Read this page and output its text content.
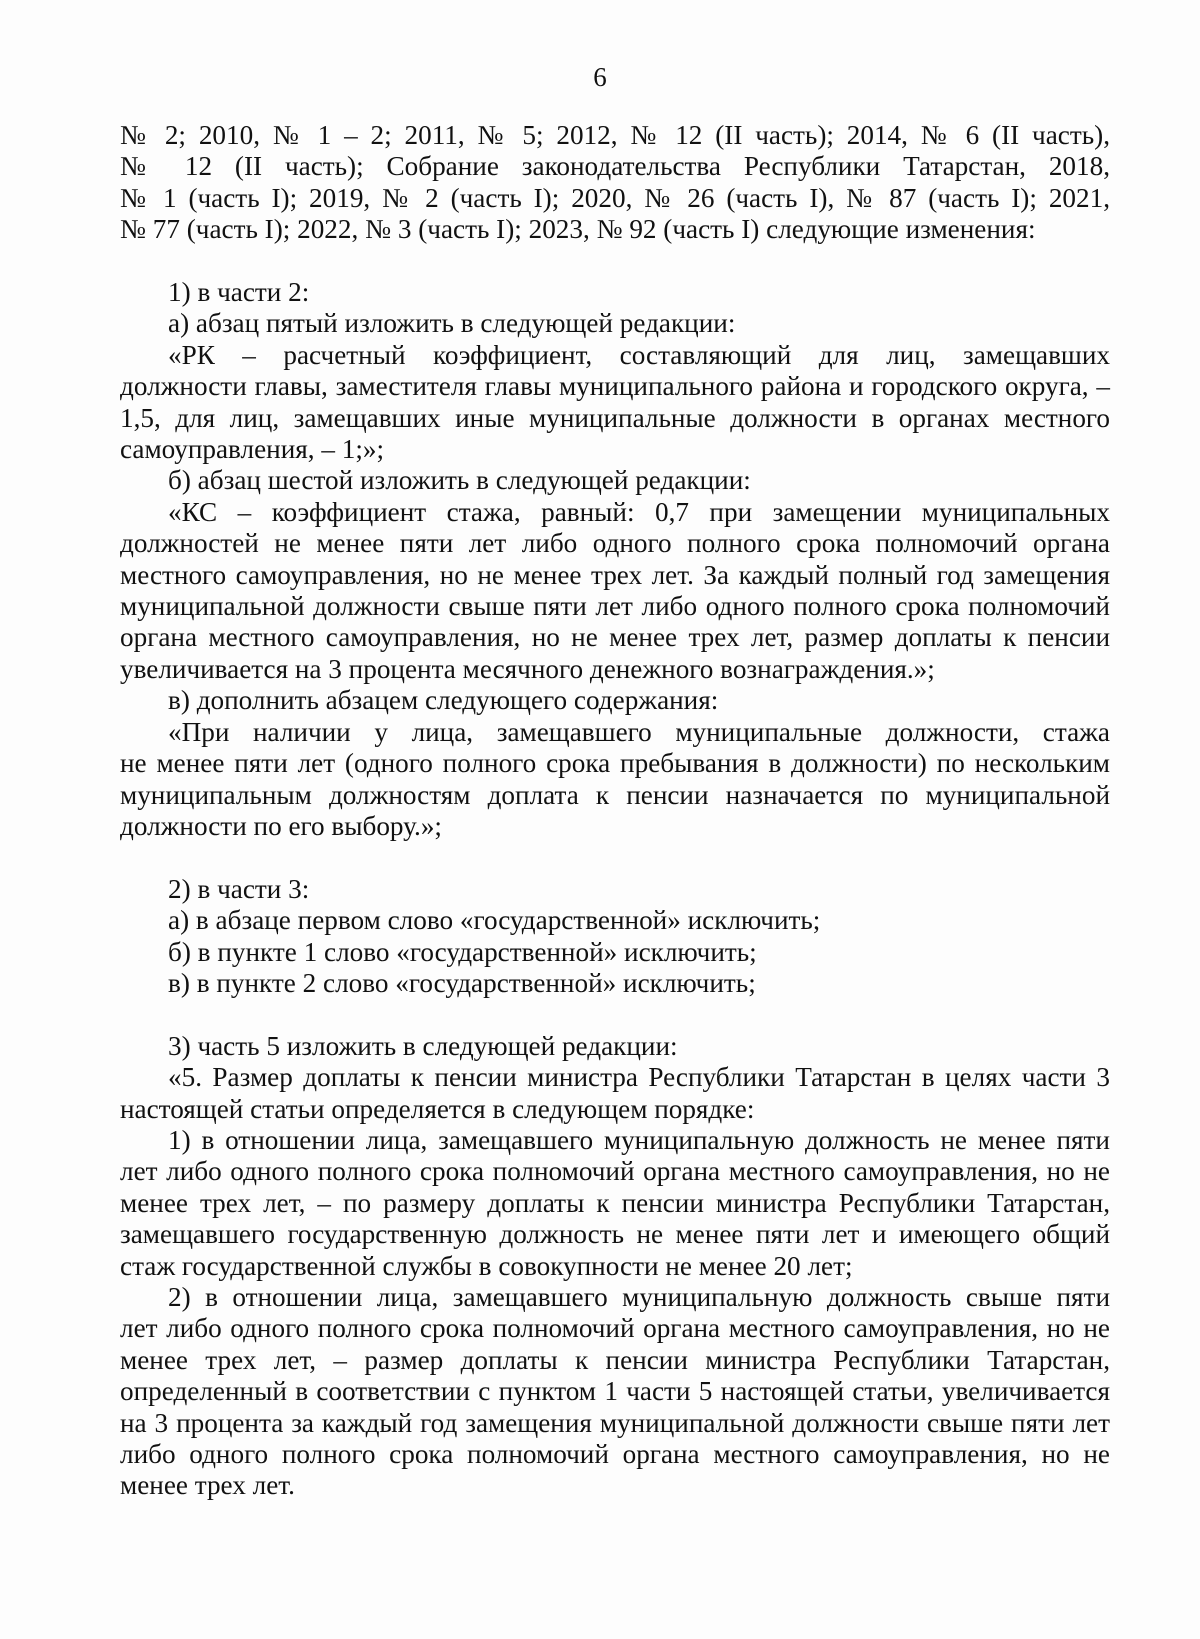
6
№ 2; 2010, № 1 – 2; 2011, № 5; 2012, № 12 (II часть); 2014, № 6 (II часть),
№ 12 (II часть); Собрание законодательства Республики Татарстан, 2018,
№ 1 (часть I); 2019, № 2 (часть I); 2020, № 26 (часть I), № 87 (часть I); 2021,
№ 77 (часть I); 2022, № 3 (часть I); 2023, № 92 (часть I) следующие изменения:
1) в части 2:
а) абзац пятый изложить в следующей редакции:
«РК – расчетный коэффициент, составляющий для лиц, замещавших
должности главы, заместителя главы муниципального района и городского округа, –
1,5, для лиц, замещавших иные муниципальные должности в органах местного
самоуправления, – 1;»;
б) абзац шестой изложить в следующей редакции:
«КС – коэффициент стажа, равный: 0,7 при замещении муниципальных
должностей не менее пяти лет либо одного полного срока полномочий органа
местного самоуправления, но не менее трех лет. За каждый полный год замещения
муниципальной должности свыше пяти лет либо одного полного срока полномочий
органа местного самоуправления, но не менее трех лет, размер доплаты к пенсии
увеличивается на 3 процента месячного денежного вознаграждения.»;
в) дополнить абзацем следующего содержания:
«При наличии у лица, замещавшего муниципальные должности, стажа
не менее пяти лет (одного полного срока пребывания в должности) по нескольким
муниципальным должностям доплата к пенсии назначается по муниципальной
должности по его выбору.»;
2) в части 3:
а) в абзаце первом слово «государственной» исключить;
б) в пункте 1 слово «государственной» исключить;
в) в пункте 2 слово «государственной» исключить;
3) часть 5 изложить в следующей редакции:
«5. Размер доплаты к пенсии министра Республики Татарстан в целях части 3
настоящей статьи определяется в следующем порядке:
1) в отношении лица, замещавшего муниципальную должность не менее пяти
лет либо одного полного срока полномочий органа местного самоуправления, но не
менее трех лет, – по размеру доплаты к пенсии министра Республики Татарстан,
замещавшего государственную должность не менее пяти лет и имеющего общий
стаж государственной службы в совокупности не менее 20 лет;
2) в отношении лица, замещавшего муниципальную должность свыше пяти
лет либо одного полного срока полномочий органа местного самоуправления, но не
менее трех лет, – размер доплаты к пенсии министра Республики Татарстан,
определенный в соответствии с пунктом 1 части 5 настоящей статьи, увеличивается
на 3 процента за каждый год замещения муниципальной должности свыше пяти лет
либо одного полного срока полномочий органа местного самоуправления, но не
менее трех лет.
